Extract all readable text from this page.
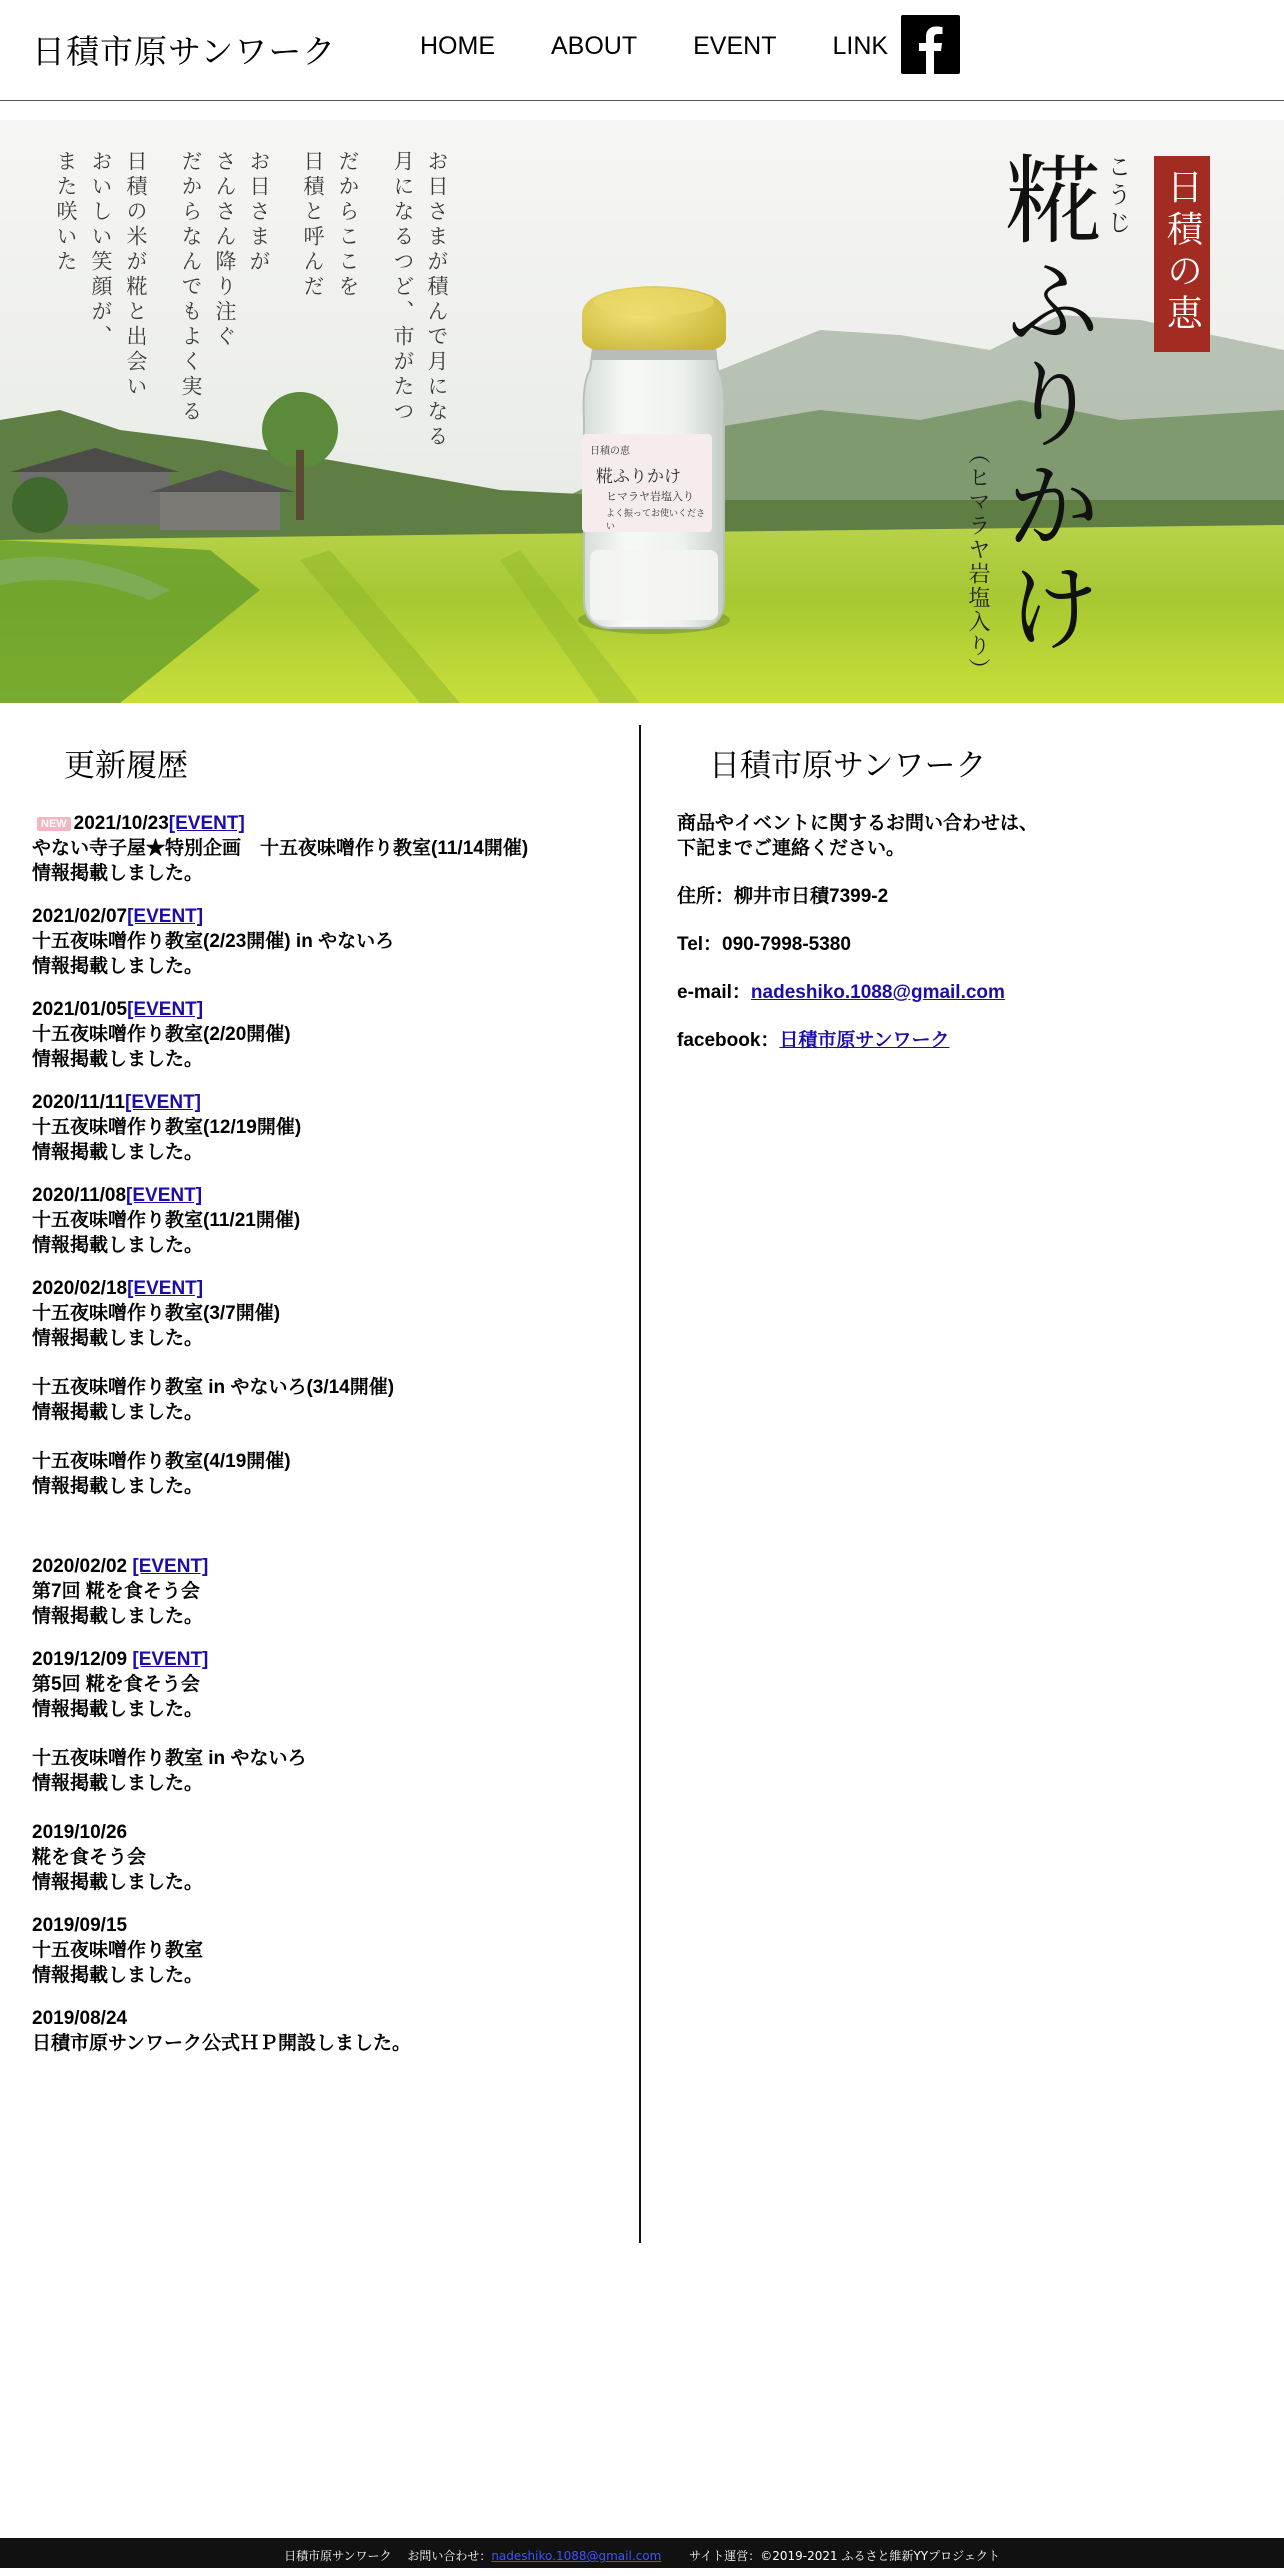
日積市原サンワーク	HOME ABOUT EVENT LINK
日積の恵
糀ふりかけ
ヒマラヤ岩塩入り
よく振ってお使いください
お日さまが積んで月になる
月になるつど、市がたつ
だからここを
日積と呼んだ
お日さまが
さんさん降り注ぐ
だからなんでもよく実る
日積の米が糀と出会い
おいしい笑顔が、
また咲いた	糀ふりかけ こうじ
（ヒマラヤ岩塩入り）
日積の恵
更新履歴
NEW 2021/10/23[EVENT]
やない寺子屋★特別企画　十五夜味噌作り教室(11/14開催)
情報掲載しました。
2021/02/07[EVENT]
十五夜味噌作り教室(2/23開催) in やないろ
情報掲載しました。
2021/01/05[EVENT]
十五夜味噌作り教室(2/20開催)
情報掲載しました。
2020/11/11[EVENT]
十五夜味噌作り教室(12/19開催)
情報掲載しました。
2020/11/08[EVENT]
十五夜味噌作り教室(11/21開催)
情報掲載しました。
2020/02/18[EVENT]
十五夜味噌作り教室(3/7開催)
情報掲載しました。
十五夜味噌作り教室 in やないろ(3/14開催)
情報掲載しました。
十五夜味噌作り教室(4/19開催)
情報掲載しました。
2020/02/02 [EVENT]
第7回 糀を食そう会
情報掲載しました。
2019/12/09 [EVENT]
第5回 糀を食そう会
情報掲載しました。
十五夜味噌作り教室 in やないろ
情報掲載しました。
2019/10/26
糀を食そう会
情報掲載しました。
2019/09/15
十五夜味噌作り教室
情報掲載しました。
2019/08/24
日積市原サンワーク公式ＨＰ開設しました。
日積市原サンワーク

商品やイベントに関するお問い合わせは、
下記までご連絡ください。

住所：柳井市日積7399-2

Tel：090-7998-5380

e-mail：nadeshiko.1088@gmail.com

facebook：日積市原サンワーク

日積市原サンワーク　 お問い合わせ：nadeshiko.1088@gmail.com　　 サイト運営：©2019-2021 ふるさと維新YYプロジェクト
